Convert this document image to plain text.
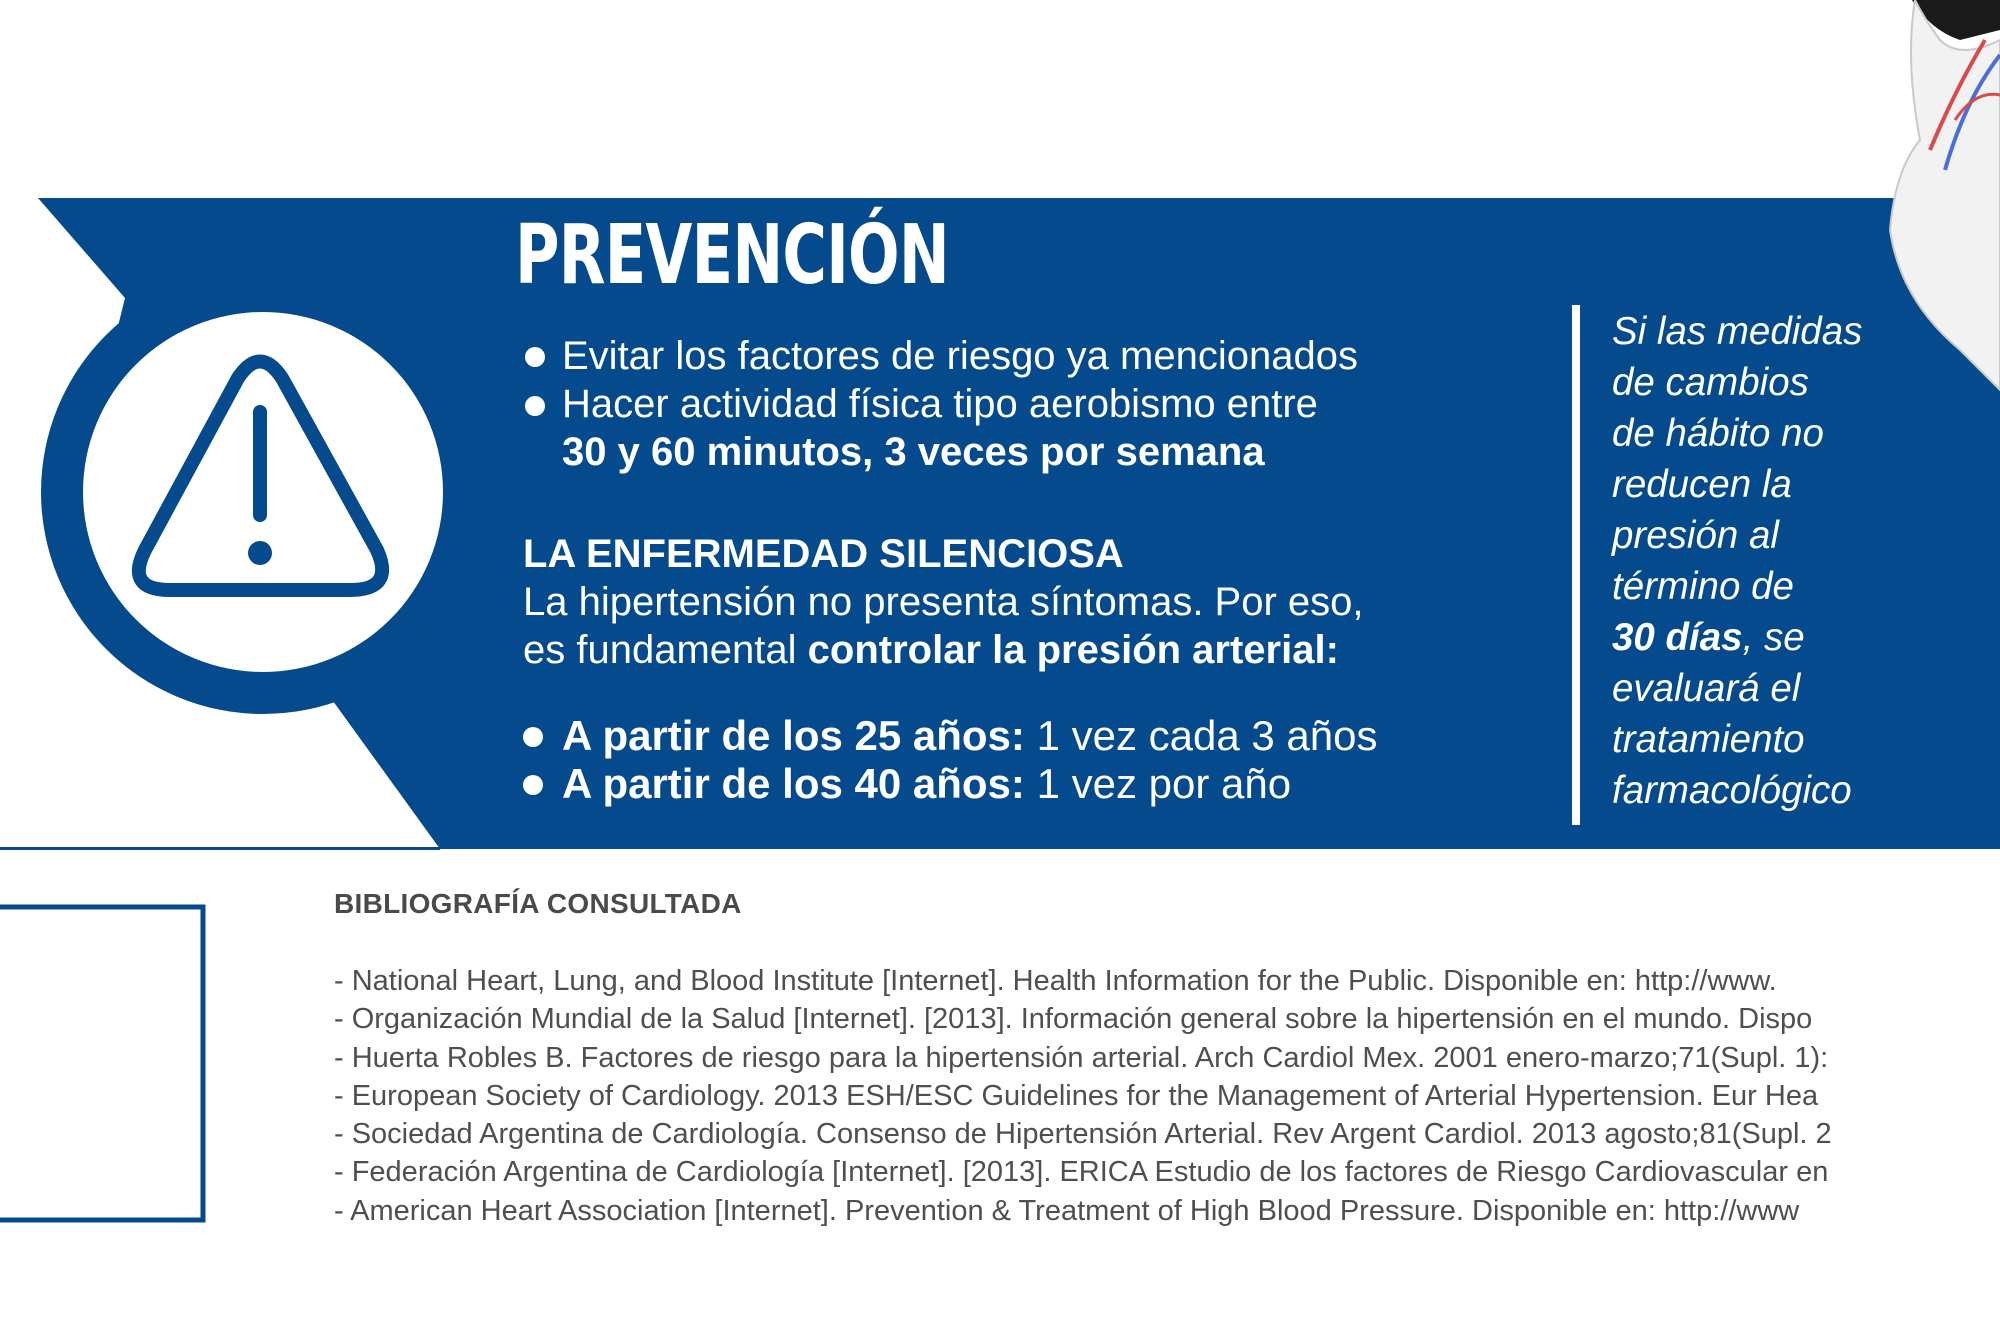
PREVENCIÓN
Evitar los factores de riesgo ya mencionados
Hacer actividad física tipo aerobismo entre
30 y 60 minutos, 3 veces por semana
LA ENFERMEDAD SILENCIOSA
La hipertensión no presenta síntomas. Por eso,
es fundamental controlar la presión arterial:
A partir de los 25 años: 1 vez cada 3 años
A partir de los 40 años: 1 vez por año
Si las medidas
de cambios
de hábito no
reducen la
presión al
término de
30 días, se
evaluará el
tratamiento
farmacológico
BIBLIOGRAFÍA CONSULTADA
- National Heart, Lung, and Blood Institute [Internet]. Health Information for the Public. Disponible en: http://www.
- Organización Mundial de la Salud [Internet]. [2013]. Información general sobre la hipertensión en el mundo. Dispo
- Huerta Robles B. Factores de riesgo para la hipertensión arterial. Arch Cardiol Mex. 2001 enero-marzo;71(Supl. 1):
- European Society of Cardiology. 2013 ESH/ESC Guidelines for the Management of Arterial Hypertension. Eur Hea
- Sociedad Argentina de Cardiología. Consenso de Hipertensión Arterial. Rev Argent Cardiol. 2013 agosto;81(Supl. 2
- Federación Argentina de Cardiología [Internet]. [2013]. ERICA Estudio de los factores de Riesgo Cardiovascular en
- American Heart Association [Internet]. Prevention & Treatment of High Blood Pressure. Disponible en: http://www
